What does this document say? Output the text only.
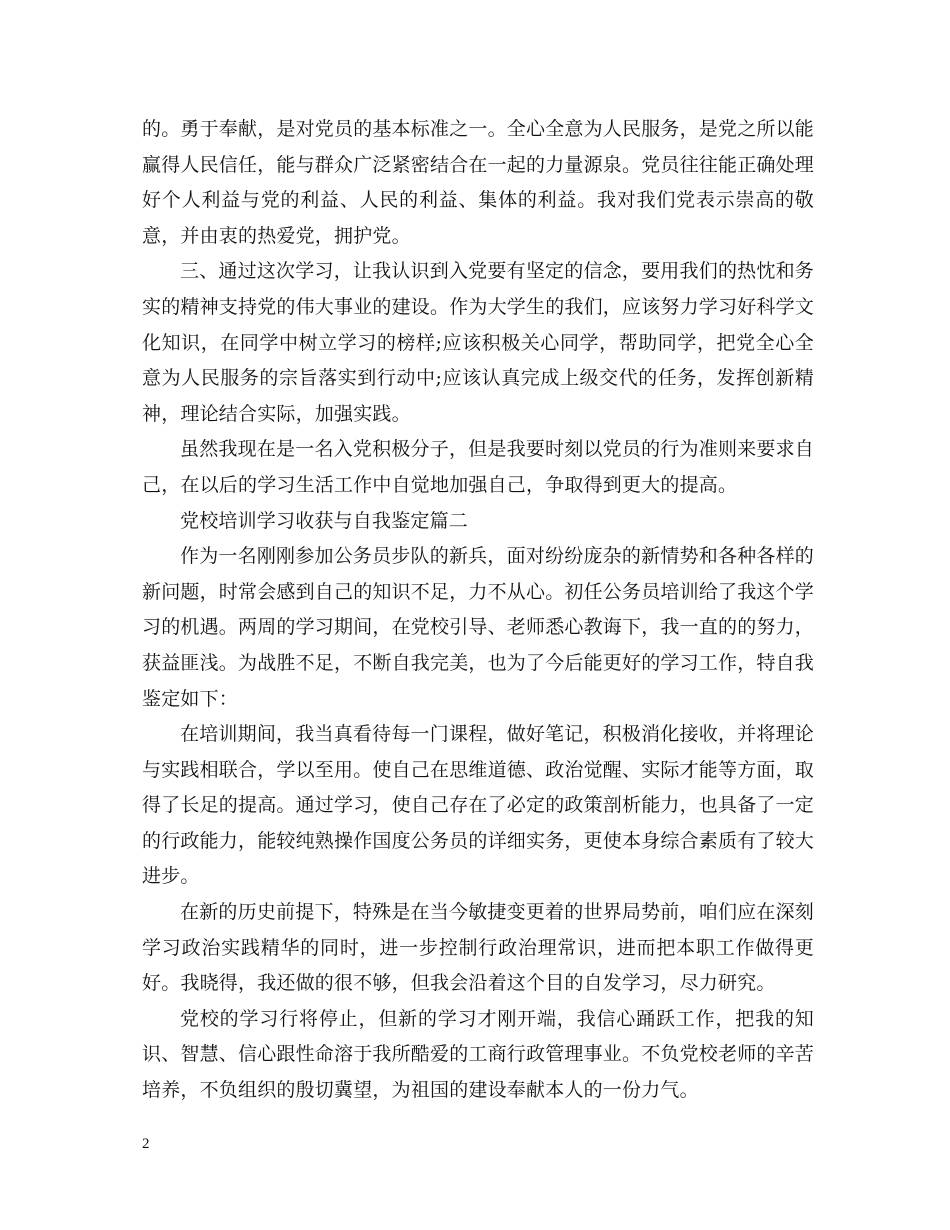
的。勇于奉献，是对党员的基本标准之一。全心全意为人民服务，是党之所以能赢得人民信任，能与群众广泛紧密结合在一起的力量源泉。党员往往能正确处理好个人利益与党的利益、人民的利益、集体的利益。我对我们党表示崇高的敬意，并由衷的热爱党，拥护党。

三、通过这次学习，让我认识到入党要有坚定的信念，要用我们的热忱和务实的精神支持党的伟大事业的建设。作为大学生的我们，应该努力学习好科学文化知识，在同学中树立学习的榜样;应该积极关心同学，帮助同学，把党全心全意为人民服务的宗旨落实到行动中;应该认真完成上级交代的任务，发挥创新精神，理论结合实际，加强实践。

虽然我现在是一名入党积极分子，但是我要时刻以党员的行为准则来要求自己，在以后的学习生活工作中自觉地加强自己，争取得到更大的提高。

党校培训学习收获与自我鉴定篇二

作为一名刚刚参加公务员步队的新兵，面对纷纷庞杂的新情势和各种各样的新问题，时常会感到自己的知识不足，力不从心。初任公务员培训给了我这个学习的机遇。两周的学习期间，在党校引导、老师悉心教诲下，我一直的的努力，获益匪浅。为战胜不足，不断自我完美，也为了今后能更好的学习工作，特自我鉴定如下：

在培训期间，我当真看待每一门课程，做好笔记，积极消化接收，并将理论与实践相联合，学以至用。使自己在思维道德、政治觉醒、实际才能等方面，取得了长足的提高。通过学习，使自己存在了必定的政策剖析能力，也具备了一定的行政能力，能较纯熟操作国度公务员的详细实务，更使本身综合素质有了较大进步。

在新的历史前提下，特殊是在当今敏捷变更着的世界局势前，咱们应在深刻学习政治实践精华的同时，进一步控制行政治理常识，进而把本职工作做得更好。我晓得，我还做的很不够，但我会沿着这个目的自发学习，尽力研究。

党校的学习行将停止，但新的学习才刚开端，我信心踊跃工作，把我的知识、智慧、信心跟性命溶于我所酷爱的工商行政管理事业。不负党校老师的辛苦培养，不负组织的殷切冀望，为祖国的建设奉献本人的一份力气。

2
